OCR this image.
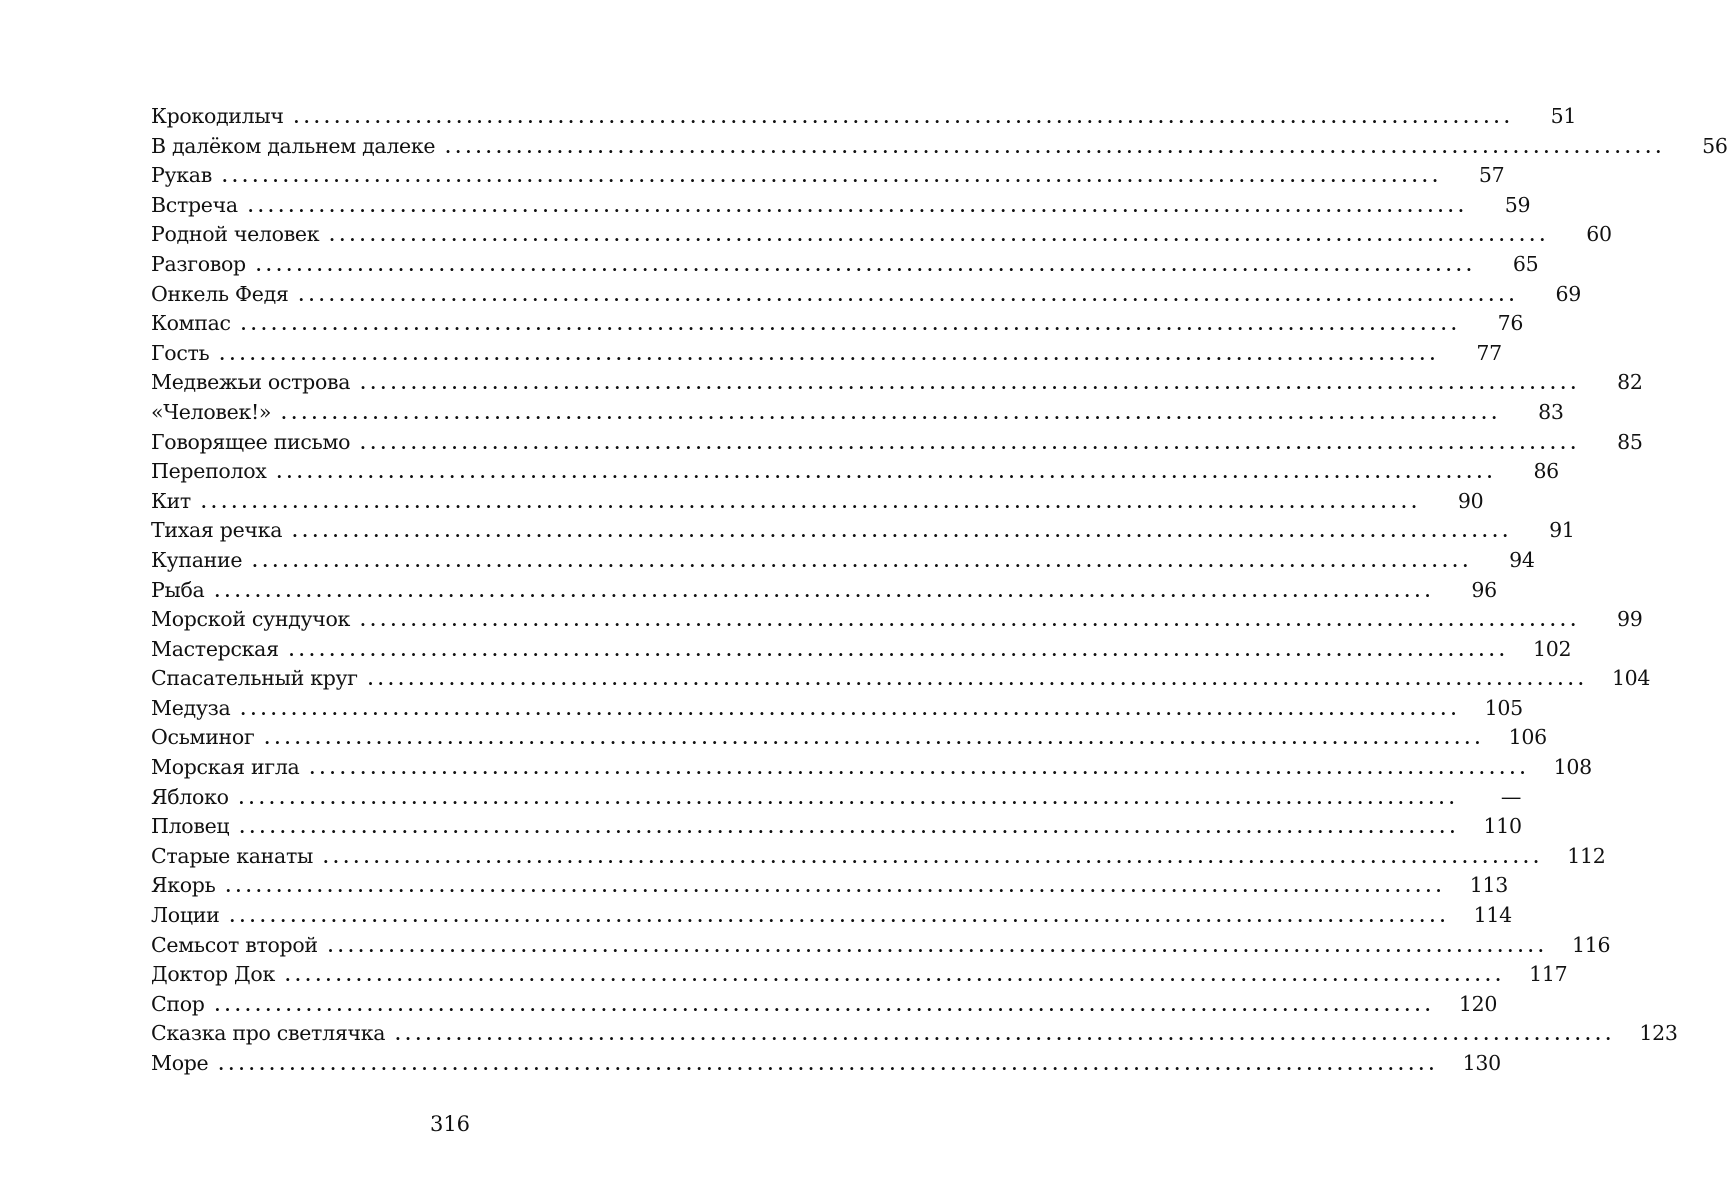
Крокодилыч ........................................................................................................................	51
В далёком дальнем далеке ........................................................................................................................	56
Рукав ........................................................................................................................	57
Встреча ........................................................................................................................	59
Родной человек ........................................................................................................................	60
Разговор ........................................................................................................................	65
Онкель Федя ........................................................................................................................	69
Компас ........................................................................................................................	76
Гость ........................................................................................................................	77
Медвежьи острова ........................................................................................................................	82
«Человек!» ........................................................................................................................	83
Говорящее письмо ........................................................................................................................	85
Переполох ........................................................................................................................	86
Кит ........................................................................................................................	90
Тихая речка ........................................................................................................................	91
Купание ........................................................................................................................	94
Рыба ........................................................................................................................	96
Морской сундучок ........................................................................................................................	99
Мастерская ........................................................................................................................	102
Спасательный круг ........................................................................................................................	104
Медуза ........................................................................................................................	105
Осьминог ........................................................................................................................	106
Морская игла ........................................................................................................................	108
Яблоко ........................................................................................................................	—
Пловец ........................................................................................................................	110
Старые канаты ........................................................................................................................	112
Якорь ........................................................................................................................	113
Лоции ........................................................................................................................	114
Семьсот второй ........................................................................................................................	116
Доктор Док ........................................................................................................................	117
Спор ........................................................................................................................	120
Сказка про светлячка ........................................................................................................................	123
Море ........................................................................................................................	130
316
